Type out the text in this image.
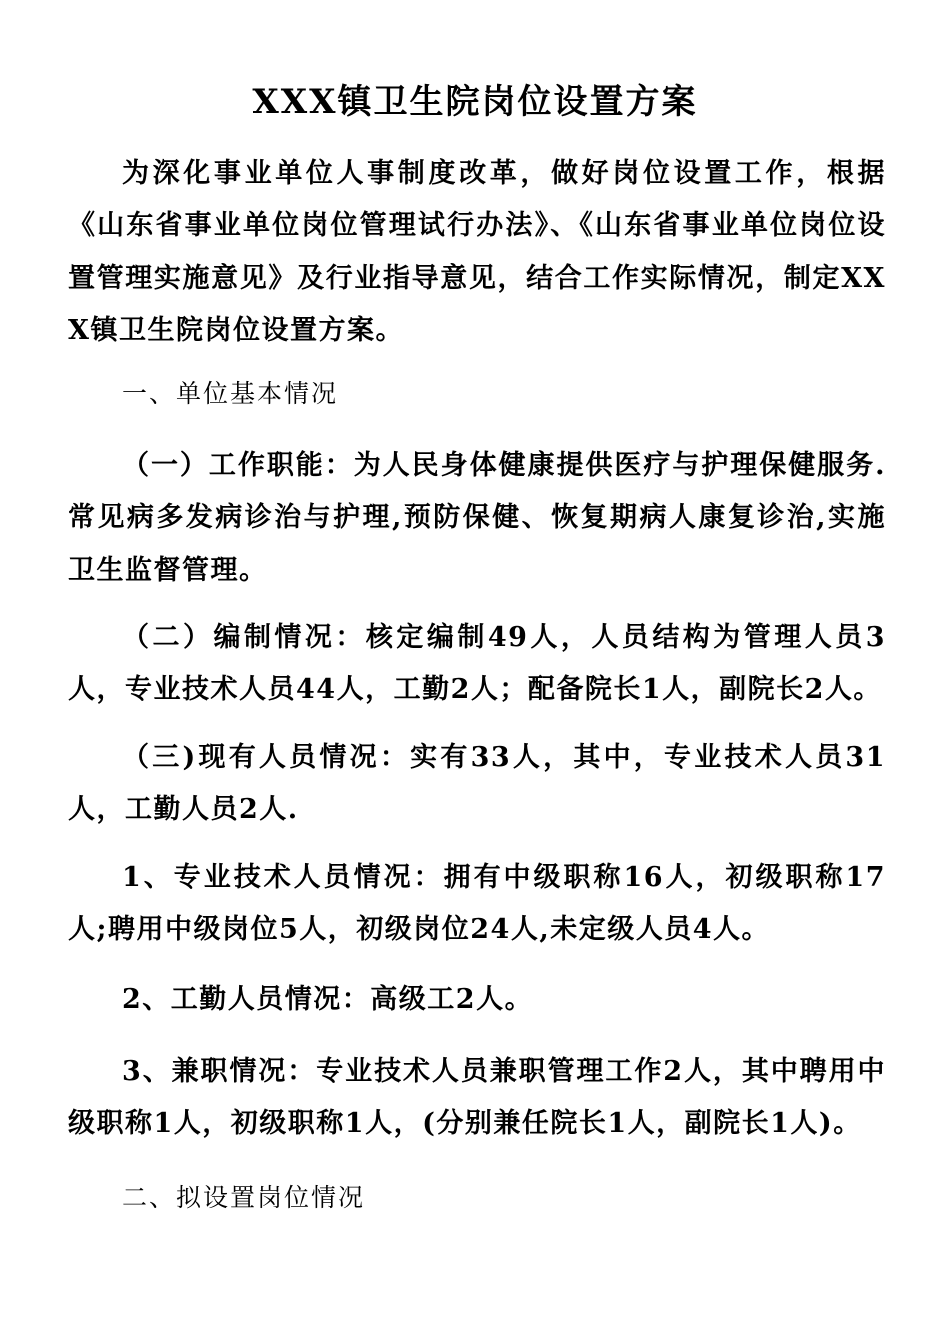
XXX镇卫生院岗位设置方案
为深化事业单位人事制度改革，做好岗位设置工作，根据《山东省事业单位岗位管理试行办法》、《山东省事业单位岗位设置管理实施意见》及行业指导意见，结合工作实际情况，制定XXX镇卫生院岗位设置方案。
一、单位基本情况
（一）工作职能：为人民身体健康提供医疗与护理保健服务.常见病多发病诊治与护理,预防保健、恢复期病人康复诊治,实施卫生监督管理。
（二）编制情况：核定编制49人，人员结构为管理人员3人，专业技术人员44人，工勤2人；配备院长1人，副院长2人。
（三)现有人员情况：实有33人，其中，专业技术人员31人，工勤人员2人.
1、专业技术人员情况：拥有中级职称16人，初级职称17人;聘用中级岗位5人，初级岗位24人,未定级人员4人。
2、工勤人员情况：高级工2人。
3、兼职情况：专业技术人员兼职管理工作2人，其中聘用中级职称1人，初级职称1人，(分别兼任院长1人，副院长1人)。
二、拟设置岗位情况
